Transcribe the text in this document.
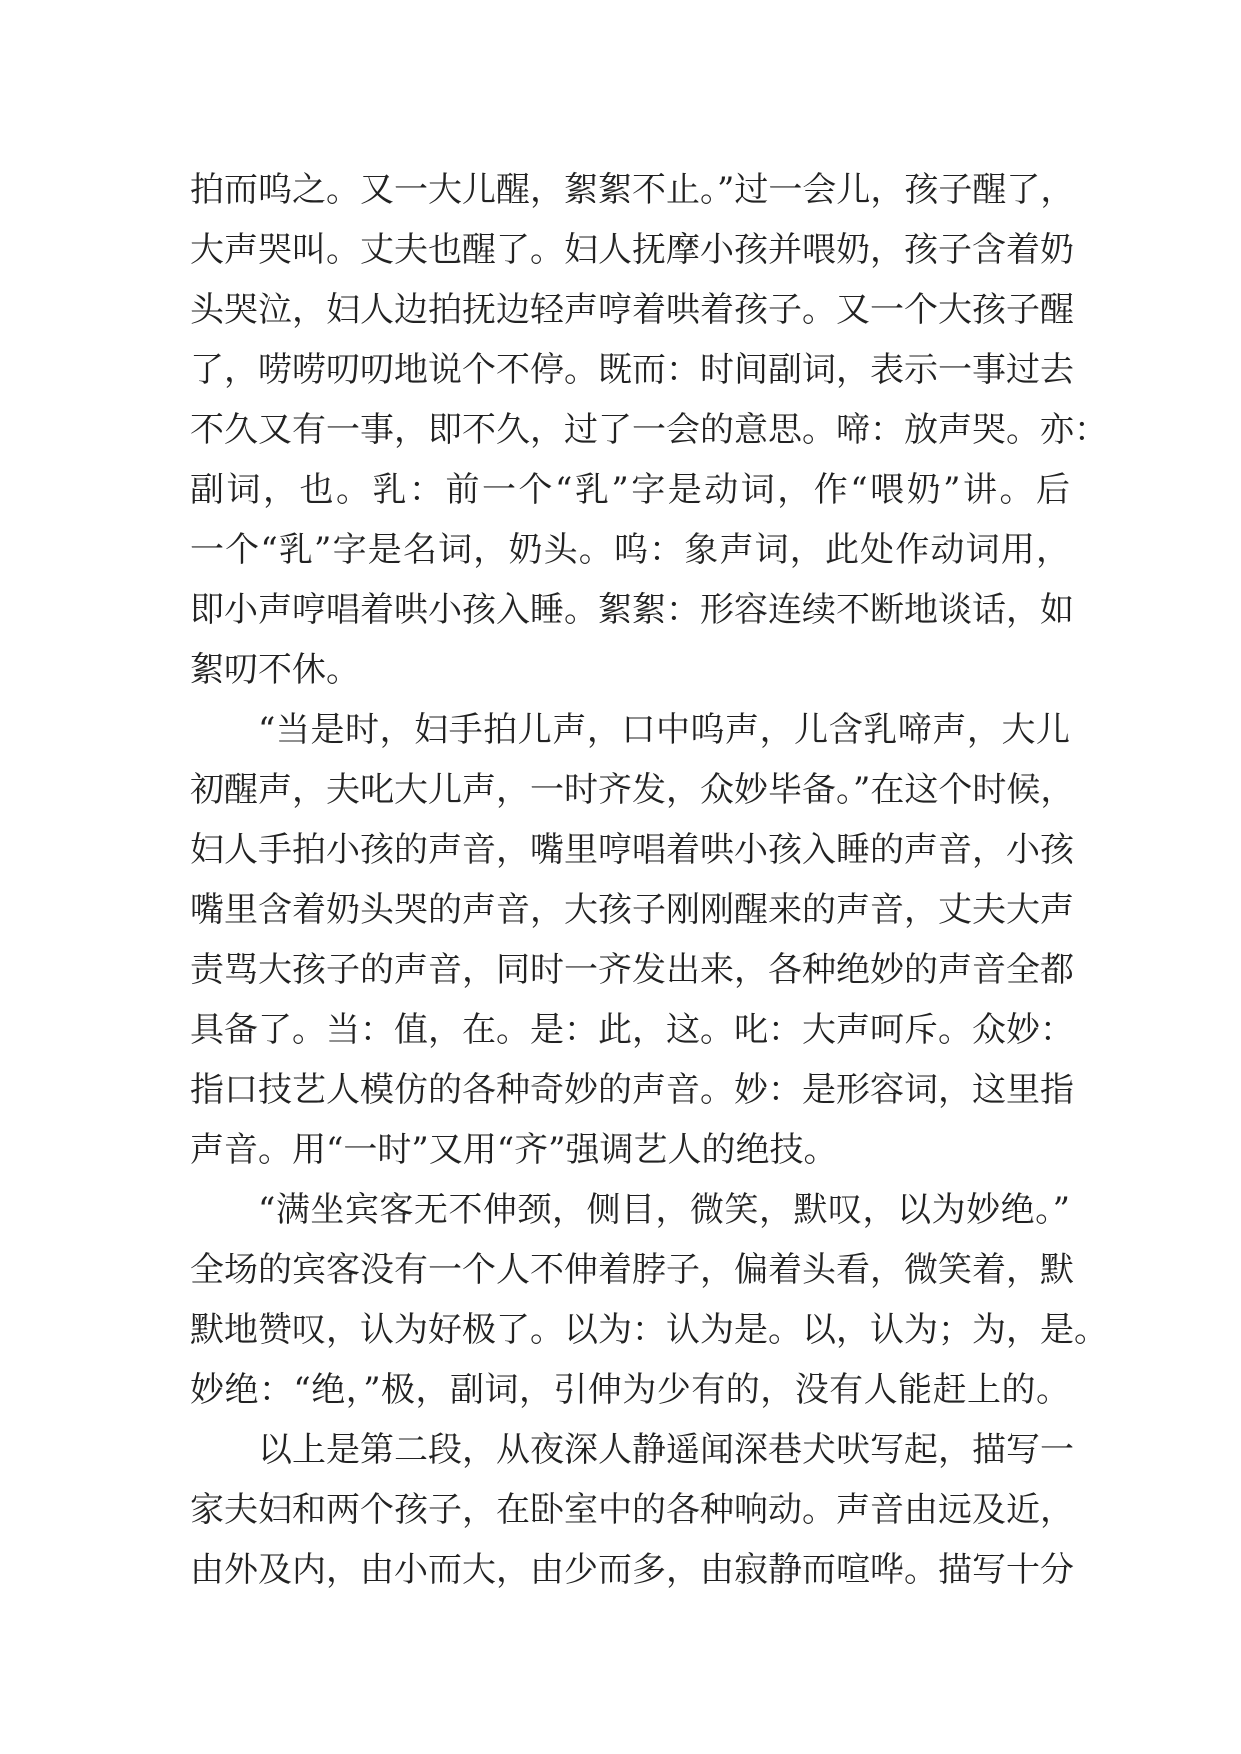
拍而呜之。又一大儿醒，絮絮不止。”过一会儿，孩子醒了，
大声哭叫。丈夫也醒了。妇人抚摩小孩并喂奶，孩子含着奶
头哭泣，妇人边拍抚边轻声哼着哄着孩子。又一个大孩子醒
了，唠唠叨叨地说个不停。既而：时间副词，表示一事过去
不久又有一事，即不久，过了一会的意思。啼：放声哭。亦：
副词，也。乳：前一个“乳”字是动词，作“喂奶”讲。后
一个“乳”字是名词，奶头。呜：象声词，此处作动词用，
即小声哼唱着哄小孩入睡。絮絮：形容连续不断地谈话，如
絮叨不休。
“当是时，妇手拍儿声，口中呜声，儿含乳啼声，大儿
初醒声，夫叱大儿声，一时齐发，众妙毕备。”在这个时候，
妇人手拍小孩的声音，嘴里哼唱着哄小孩入睡的声音，小孩
嘴里含着奶头哭的声音，大孩子刚刚醒来的声音，丈夫大声
责骂大孩子的声音，同时一齐发出来，各种绝妙的声音全都
具备了。当：值，在。是：此，这。叱：大声呵斥。众妙：
指口技艺人模仿的各种奇妙的声音。妙：是形容词，这里指
声音。用“一时”又用“齐”强调艺人的绝技。
“满坐宾客无不伸颈，侧目，微笑，默叹，以为妙绝。”
全场的宾客没有一个人不伸着脖子，偏着头看，微笑着，默
默地赞叹，认为好极了。以为：认为是。以，认为；为，是。
妙绝：“绝，”极，副词，引伸为少有的，没有人能赶上的。
以上是第二段，从夜深人静遥闻深巷犬吠写起，描写一
家夫妇和两个孩子，在卧室中的各种响动。声音由远及近，
由外及内，由小而大，由少而多，由寂静而喧哗。描写十分
